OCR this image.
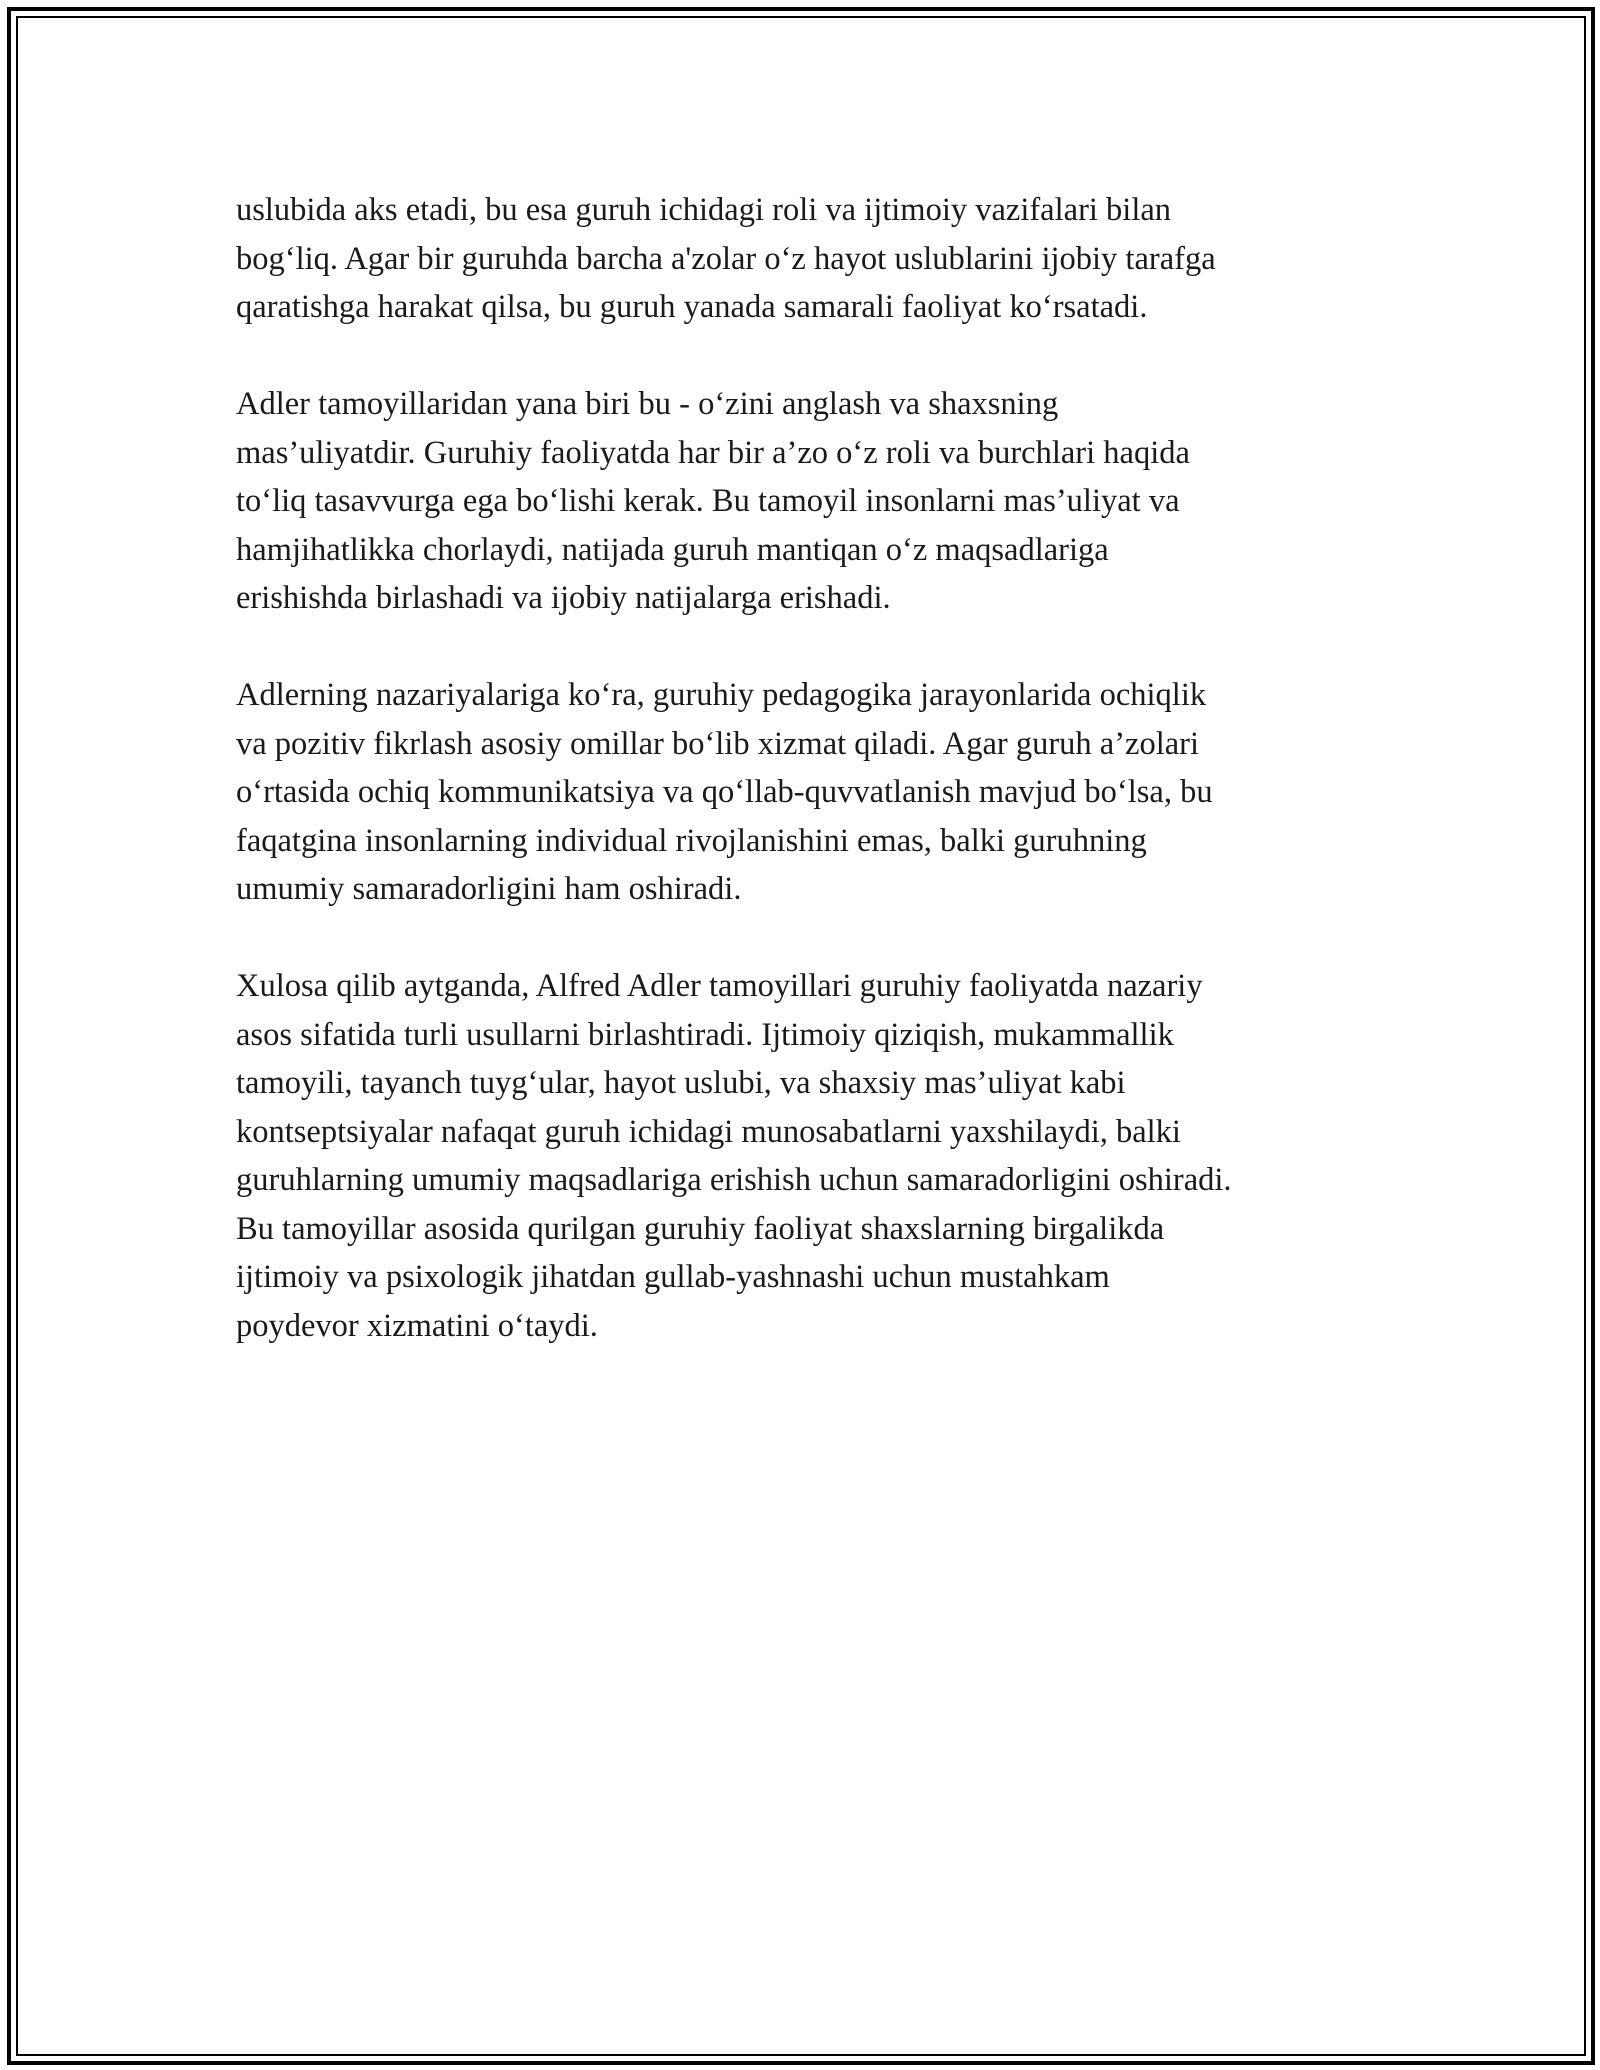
uslubida aks etadi, bu esa guruh ichidagi roli va ijtimoiy vazifalari bilan
bog‘liq. Agar bir guruhda barcha a'zolar o‘z hayot uslublarini ijobiy tarafga
qaratishga harakat qilsa, bu guruh yanada samarali faoliyat ko‘rsatadi.

Adler tamoyillaridan yana biri bu - o‘zini anglash va shaxsning
mas’uliyatdir. Guruhiy faoliyatda har bir a’zo o‘z roli va burchlari haqida
to‘liq tasavvurga ega bo‘lishi kerak. Bu tamoyil insonlarni mas’uliyat va
hamjihatlikka chorlaydi, natijada guruh mantiqan o‘z maqsadlariga
erishishda birlashadi va ijobiy natijalarga erishadi.

Adlerning nazariyalariga ko‘ra, guruhiy pedagogika jarayonlarida ochiqlik
va pozitiv fikrlash asosiy omillar bo‘lib xizmat qiladi. Agar guruh a’zolari
o‘rtasida ochiq kommunikatsiya va qo‘llab-quvvatlanish mavjud bo‘lsa, bu
faqatgina insonlarning individual rivojlanishini emas, balki guruhning
umumiy samaradorligini ham oshiradi.

Xulosa qilib aytganda, Alfred Adler tamoyillari guruhiy faoliyatda nazariy
asos sifatida turli usullarni birlashtiradi. Ijtimoiy qiziqish, mukammallik
tamoyili, tayanch tuyg‘ular, hayot uslubi, va shaxsiy mas’uliyat kabi
kontseptsiyalar nafaqat guruh ichidagi munosabatlarni yaxshilaydi, balki
guruhlarning umumiy maqsadlariga erishish uchun samaradorligini oshiradi.
Bu tamoyillar asosida qurilgan guruhiy faoliyat shaxslarning birgalikda
ijtimoiy va psixologik jihatdan gullab-yashnashi uchun mustahkam
poydevor xizmatini o‘taydi.
